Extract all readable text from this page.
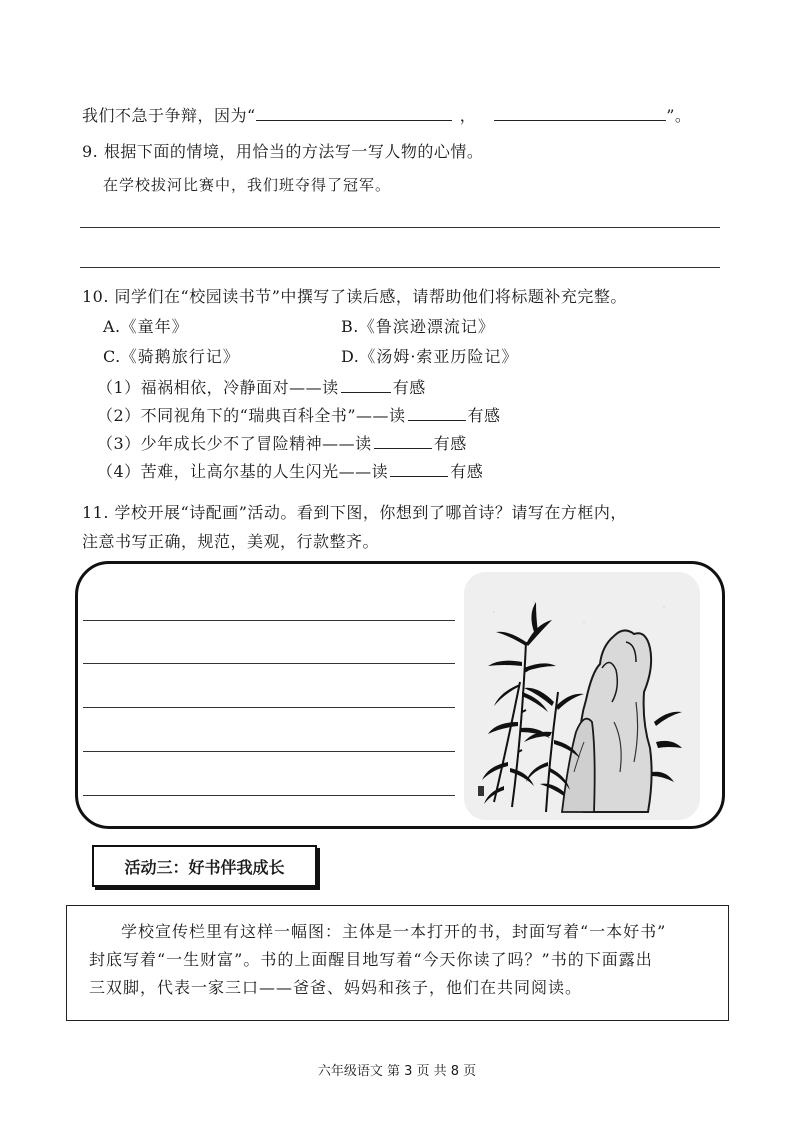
我们不急于争辩，因为“	，	”。
9. 根据下面的情境，用恰当的方法写一写人物的心情。
在学校拔河比赛中，我们班夺得了冠军。
10. 同学们在“校园读书节”中撰写了读后感，请帮助他们将标题补充完整。
A.《童年》	B.《鲁滨逊漂流记》
C.《骑鹅旅行记》	D.《汤姆·索亚历险记》
（1）福祸相依，冷静面对——读	有感
（2）不同视角下的“瑞典百科全书”——读	有感
（3）少年成长少不了冒险精神——读	有感
（4）苦难，让高尔基的人生闪光——读	有感
11. 学校开展“诗配画”活动。看到下图，你想到了哪首诗？请写在方框内，
注意书写正确，规范，美观，行款整齐。
活动三：好书伴我成长

学校宣传栏里有这样一幅图：主体是一本打开的书，封面写着“一本好书”

封底写着“一生财富”。书的上面醒目地写着“今天你读了吗？”书的下面露出

三双脚，代表一家三口——爸爸、妈妈和孩子，他们在共同阅读。

六年级语文 第 3 页 共 8 页
